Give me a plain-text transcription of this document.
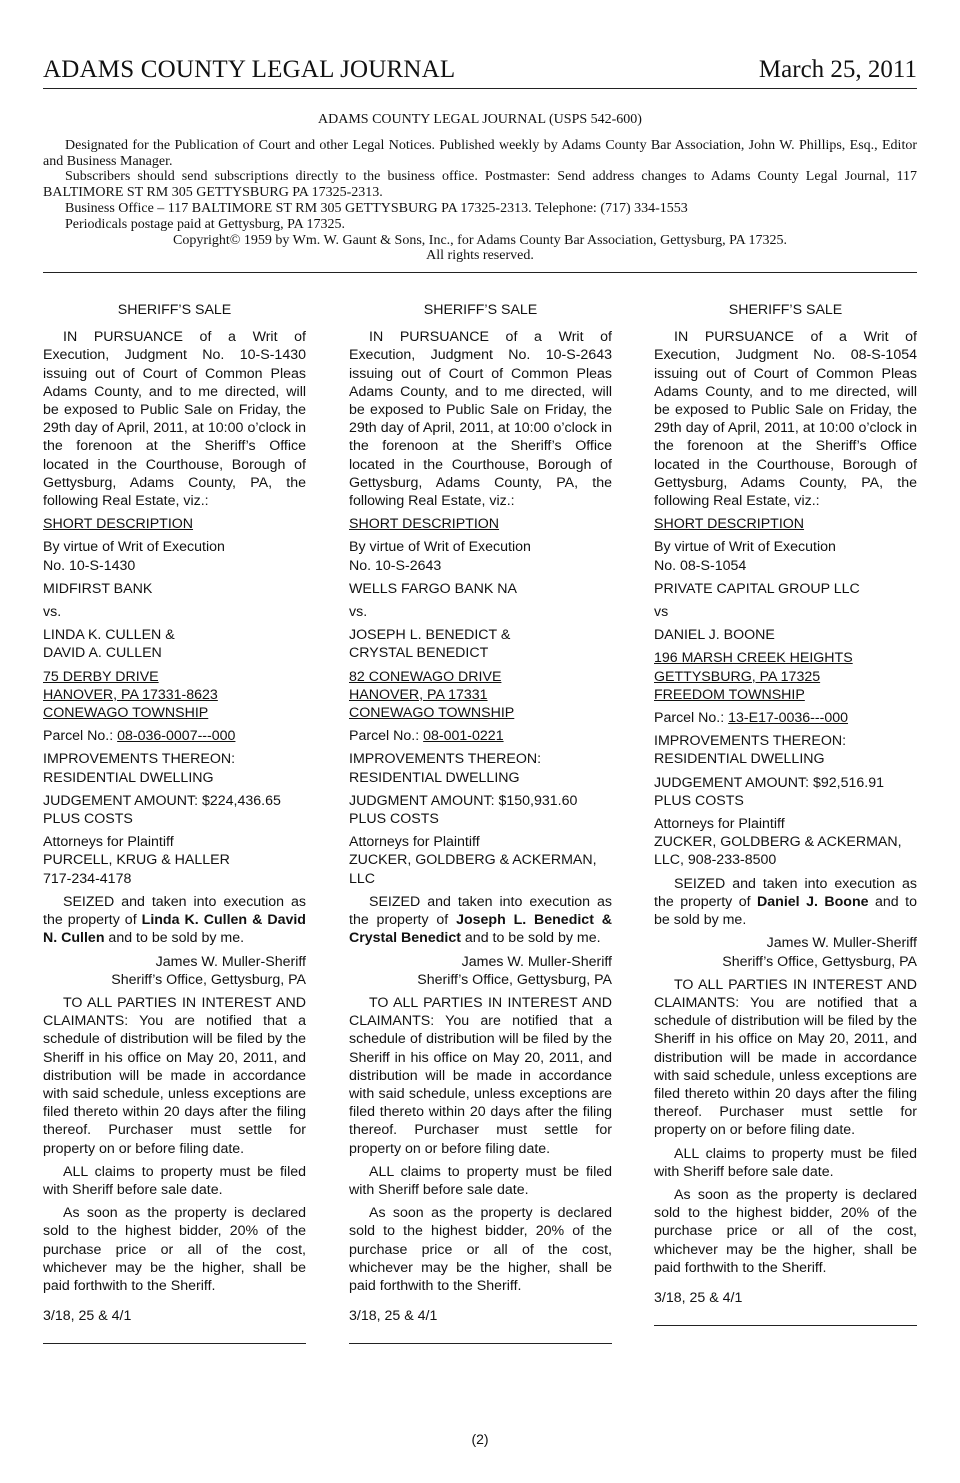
ADAMS COUNTY LEGAL JOURNAL	March 25, 2011
ADAMS COUNTY LEGAL JOURNAL (USPS 542-600)
Designated for the Publication of Court and other Legal Notices. Published weekly by Adams County Bar Association, John W. Phillips, Esq., Editor and Business Manager.
Subscribers should send subscriptions directly to the business office. Postmaster: Send address changes to Adams County Legal Journal, 117 BALTIMORE ST RM 305 GETTYSBURG PA 17325-2313.
Business Office – 117 BALTIMORE ST RM 305 GETTYSBURG PA 17325-2313. Telephone: (717) 334-1553
Periodicals postage paid at Gettysburg, PA 17325.
Copyright© 1959 by Wm. W. Gaunt & Sons, Inc., for Adams County Bar Association, Gettysburg, PA 17325.
All rights reserved.

SHERIFF’S SALE

IN PURSUANCE of a Writ of Execution, Judgment No. 10-S-1430 issuing out of Court of Common Pleas Adams County, and to me directed, will be exposed to Public Sale on Friday, the 29th day of April, 2011, at 10:00 o’clock in the forenoon at the Sheriff’s Office located in the Courthouse, Borough of Gettysburg, Adams County, PA, the following Real Estate, viz.:

SHORT DESCRIPTION

By virtue of Writ of Execution
No. 10-S-1430

MIDFIRST BANK

vs.

LINDA K. CULLEN &
DAVID A. CULLEN

75 DERBY DRIVE
HANOVER, PA 17331-8623
CONEWAGO TOWNSHIP

Parcel No.: 08-036-0007---000

IMPROVEMENTS THEREON:
RESIDENTIAL DWELLING

JUDGEMENT AMOUNT: $224,436.65
PLUS COSTS

Attorneys for Plaintiff
PURCELL, KRUG & HALLER
717-234-4178

SEIZED and taken into execution as the property of Linda K. Cullen & David N. Cullen and to be sold by me.

James W. Muller-Sheriff

Sheriff’s Office, Gettysburg, PA

TO ALL PARTIES IN INTEREST AND CLAIMANTS: You are notified that a schedule of distribution will be filed by the Sheriff in his office on May 20, 2011, and distribution will be made in accordance with said schedule, unless exceptions are filed thereto within 20 days after the filing thereof. Purchaser must settle for property on or before filing date.

ALL claims to property must be filed with Sheriff before sale date.

As soon as the property is declared sold to the highest bidder, 20% of the purchase price or all of the cost, whichever may be the higher, shall be paid forthwith to the Sheriff.

3/18, 25 & 4/1

SHERIFF’S SALE

IN PURSUANCE of a Writ of Execution, Judgment No. 10-S-2643 issuing out of Court of Common Pleas Adams County, and to me directed, will be exposed to Public Sale on Friday, the 29th day of April, 2011, at 10:00 o’clock in the forenoon at the Sheriff’s Office located in the Courthouse, Borough of Gettysburg, Adams County, PA, the following Real Estate, viz.:

SHORT DESCRIPTION

By virtue of Writ of Execution
No. 10-S-2643

WELLS FARGO BANK NA

vs.

JOSEPH L. BENEDICT &
CRYSTAL BENEDICT

82 CONEWAGO DRIVE
HANOVER, PA 17331
CONEWAGO TOWNSHIP

Parcel No.: 08-001-0221

IMPROVEMENTS THEREON:
RESIDENTIAL DWELLING

JUDGMENT AMOUNT: $150,931.60
PLUS COSTS

Attorneys for Plaintiff
ZUCKER, GOLDBERG & ACKERMAN, LLC

SEIZED and taken into execution as the property of Joseph L. Benedict & Crystal Benedict and to be sold by me.

James W. Muller-Sheriff

Sheriff’s Office, Gettysburg, PA

TO ALL PARTIES IN INTEREST AND CLAIMANTS: You are notified that a schedule of distribution will be filed by the Sheriff in his office on May 20, 2011, and distribution will be made in accordance with said schedule, unless exceptions are filed thereto within 20 days after the filing thereof. Purchaser must settle for property on or before filing date.

ALL claims to property must be filed with Sheriff before sale date.

As soon as the property is declared sold to the highest bidder, 20% of the purchase price or all of the cost, whichever may be the higher, shall be paid forthwith to the Sheriff.

3/18, 25 & 4/1

SHERIFF’S SALE

IN PURSUANCE of a Writ of Execution, Judgment No. 08-S-1054 issuing out of Court of Common Pleas Adams County, and to me directed, will be exposed to Public Sale on Friday, the 29th day of April, 2011, at 10:00 o’clock in the forenoon at the Sheriff’s Office located in the Courthouse, Borough of Gettysburg, Adams County, PA, the following Real Estate, viz.:

SHORT DESCRIPTION

By virtue of Writ of Execution
No. 08-S-1054

PRIVATE CAPITAL GROUP LLC

vs

DANIEL J. BOONE

196 MARSH CREEK HEIGHTS
GETTYSBURG, PA 17325
FREEDOM TOWNSHIP

Parcel No.: 13-E17-0036---000

IMPROVEMENTS THEREON:
RESIDENTIAL DWELLING

JUDGEMENT AMOUNT: $92,516.91
PLUS COSTS

Attorneys for Plaintiff
ZUCKER, GOLDBERG & ACKERMAN, LLC, 908-233-8500

SEIZED and taken into execution as the property of Daniel J. Boone and to be sold by me.

James W. Muller-Sheriff

Sheriff’s Office, Gettysburg, PA

TO ALL PARTIES IN INTEREST AND CLAIMANTS: You are notified that a schedule of distribution will be filed by the Sheriff in his office on May 20, 2011, and distribution will be made in accordance with said schedule, unless exceptions are filed thereto within 20 days after the filing thereof. Purchaser must settle for property on or before filing date.

ALL claims to property must be filed with Sheriff before sale date.

As soon as the property is declared sold to the highest bidder, 20% of the purchase price or all of the cost, whichever may be the higher, shall be paid forthwith to the Sheriff.

3/18, 25 & 4/1

(2)
